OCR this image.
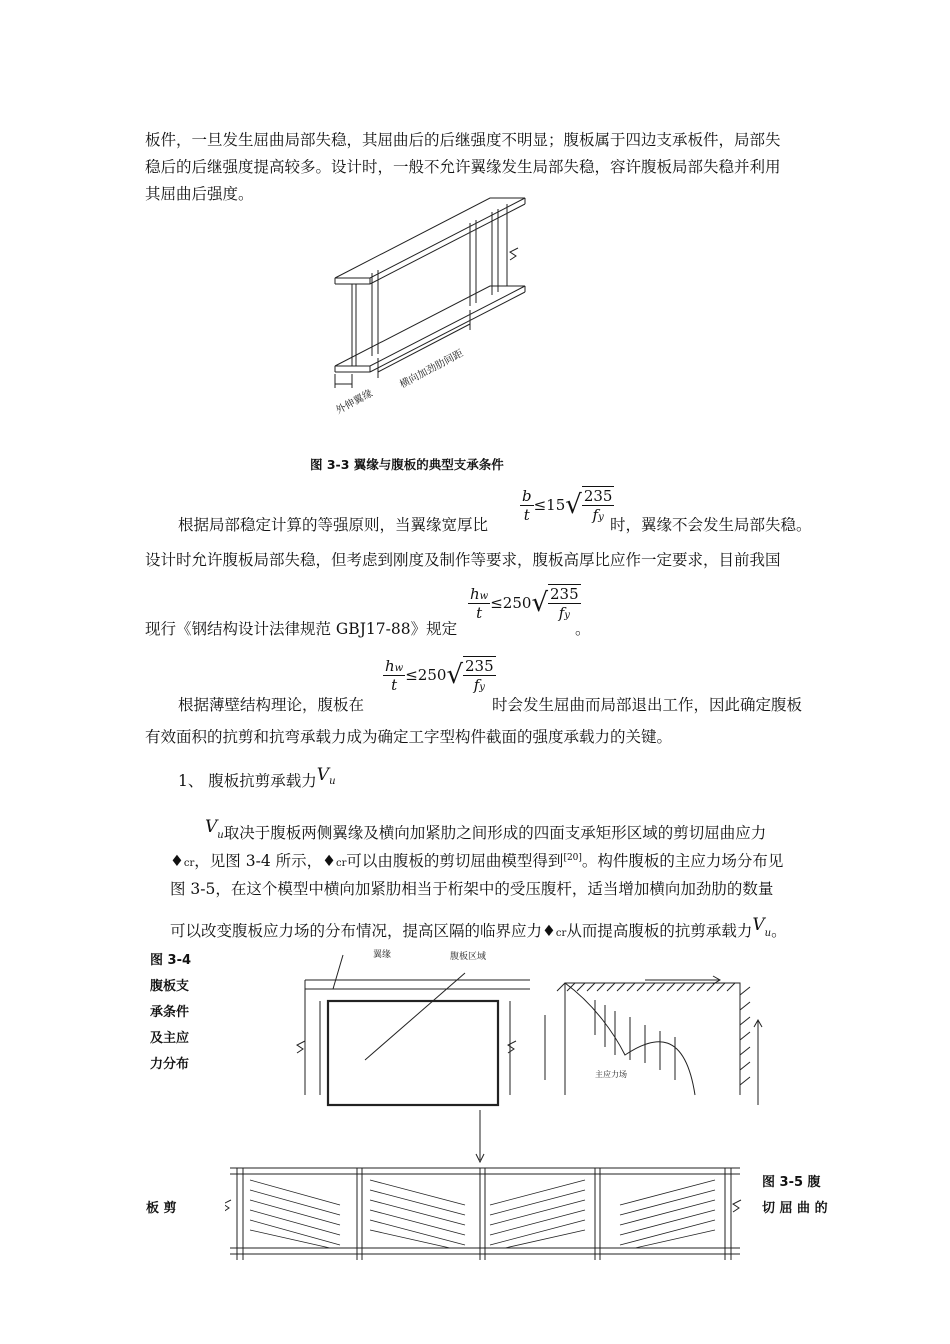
板件，一旦发生屈曲局部失稳，其屈曲后的后继强度不明显；腹板属于四边支承板件，局部失
稳后的后继强度提高较多。设计时，一般不允许翼缘发生局部失稳，容许腹板局部失稳并利用
其屈曲后强度。
外伸翼缘
横向加劲肋间距
图 3-3 翼缘与腹板的典型支承条件
根据局部稳定计算的等强原则，当翼缘宽厚比
$\frac{b}{t} \le 15√ \frac{235}{fy}$
时，翼缘不会发生局部失稳。
设计时允许腹板局部失稳，但考虑到刚度及制作等要求，腹板高厚比应作一定要求，目前我国
现行《钢结构设计法律规范 GBJ17-88》规定
$\frac{hw}{t} \le 250√ \frac{235}{fy}$
。
根据薄壁结构理论，腹板在
$\frac{hw}{t} \le 250√ \frac{235}{fy}$
时会发生屈曲而局部退出工作，因此确定腹板
有效面积的抗剪和抗弯承载力成为确定工字型构件截面的强度承载力的关键。
1、 腹板抗剪承载力$V^u$
Vu取决于腹板两侧翼缘及横向加紧肋之间形成的四面支承矩形区域的剪切屈曲应力
♦cr，见图 3-4 所示，♦cr可以由腹板的剪切屈曲模型得到[20]。构件腹板的主应力场分布见
图 3-5，在这个模型中横向加紧肋相当于桁架中的受压腹杆，适当增加横向加劲肋的数量
可以改变腹板应力场的分布情况，提高区隔的临界应力♦cr从而提高腹板的抗剪承载力Vu。
图 3-4
腹板支
承条件
及主应
力分布
翼缘	腹板区域
主应力场
图 3-5 腹
切 屈 曲 的
板 剪
